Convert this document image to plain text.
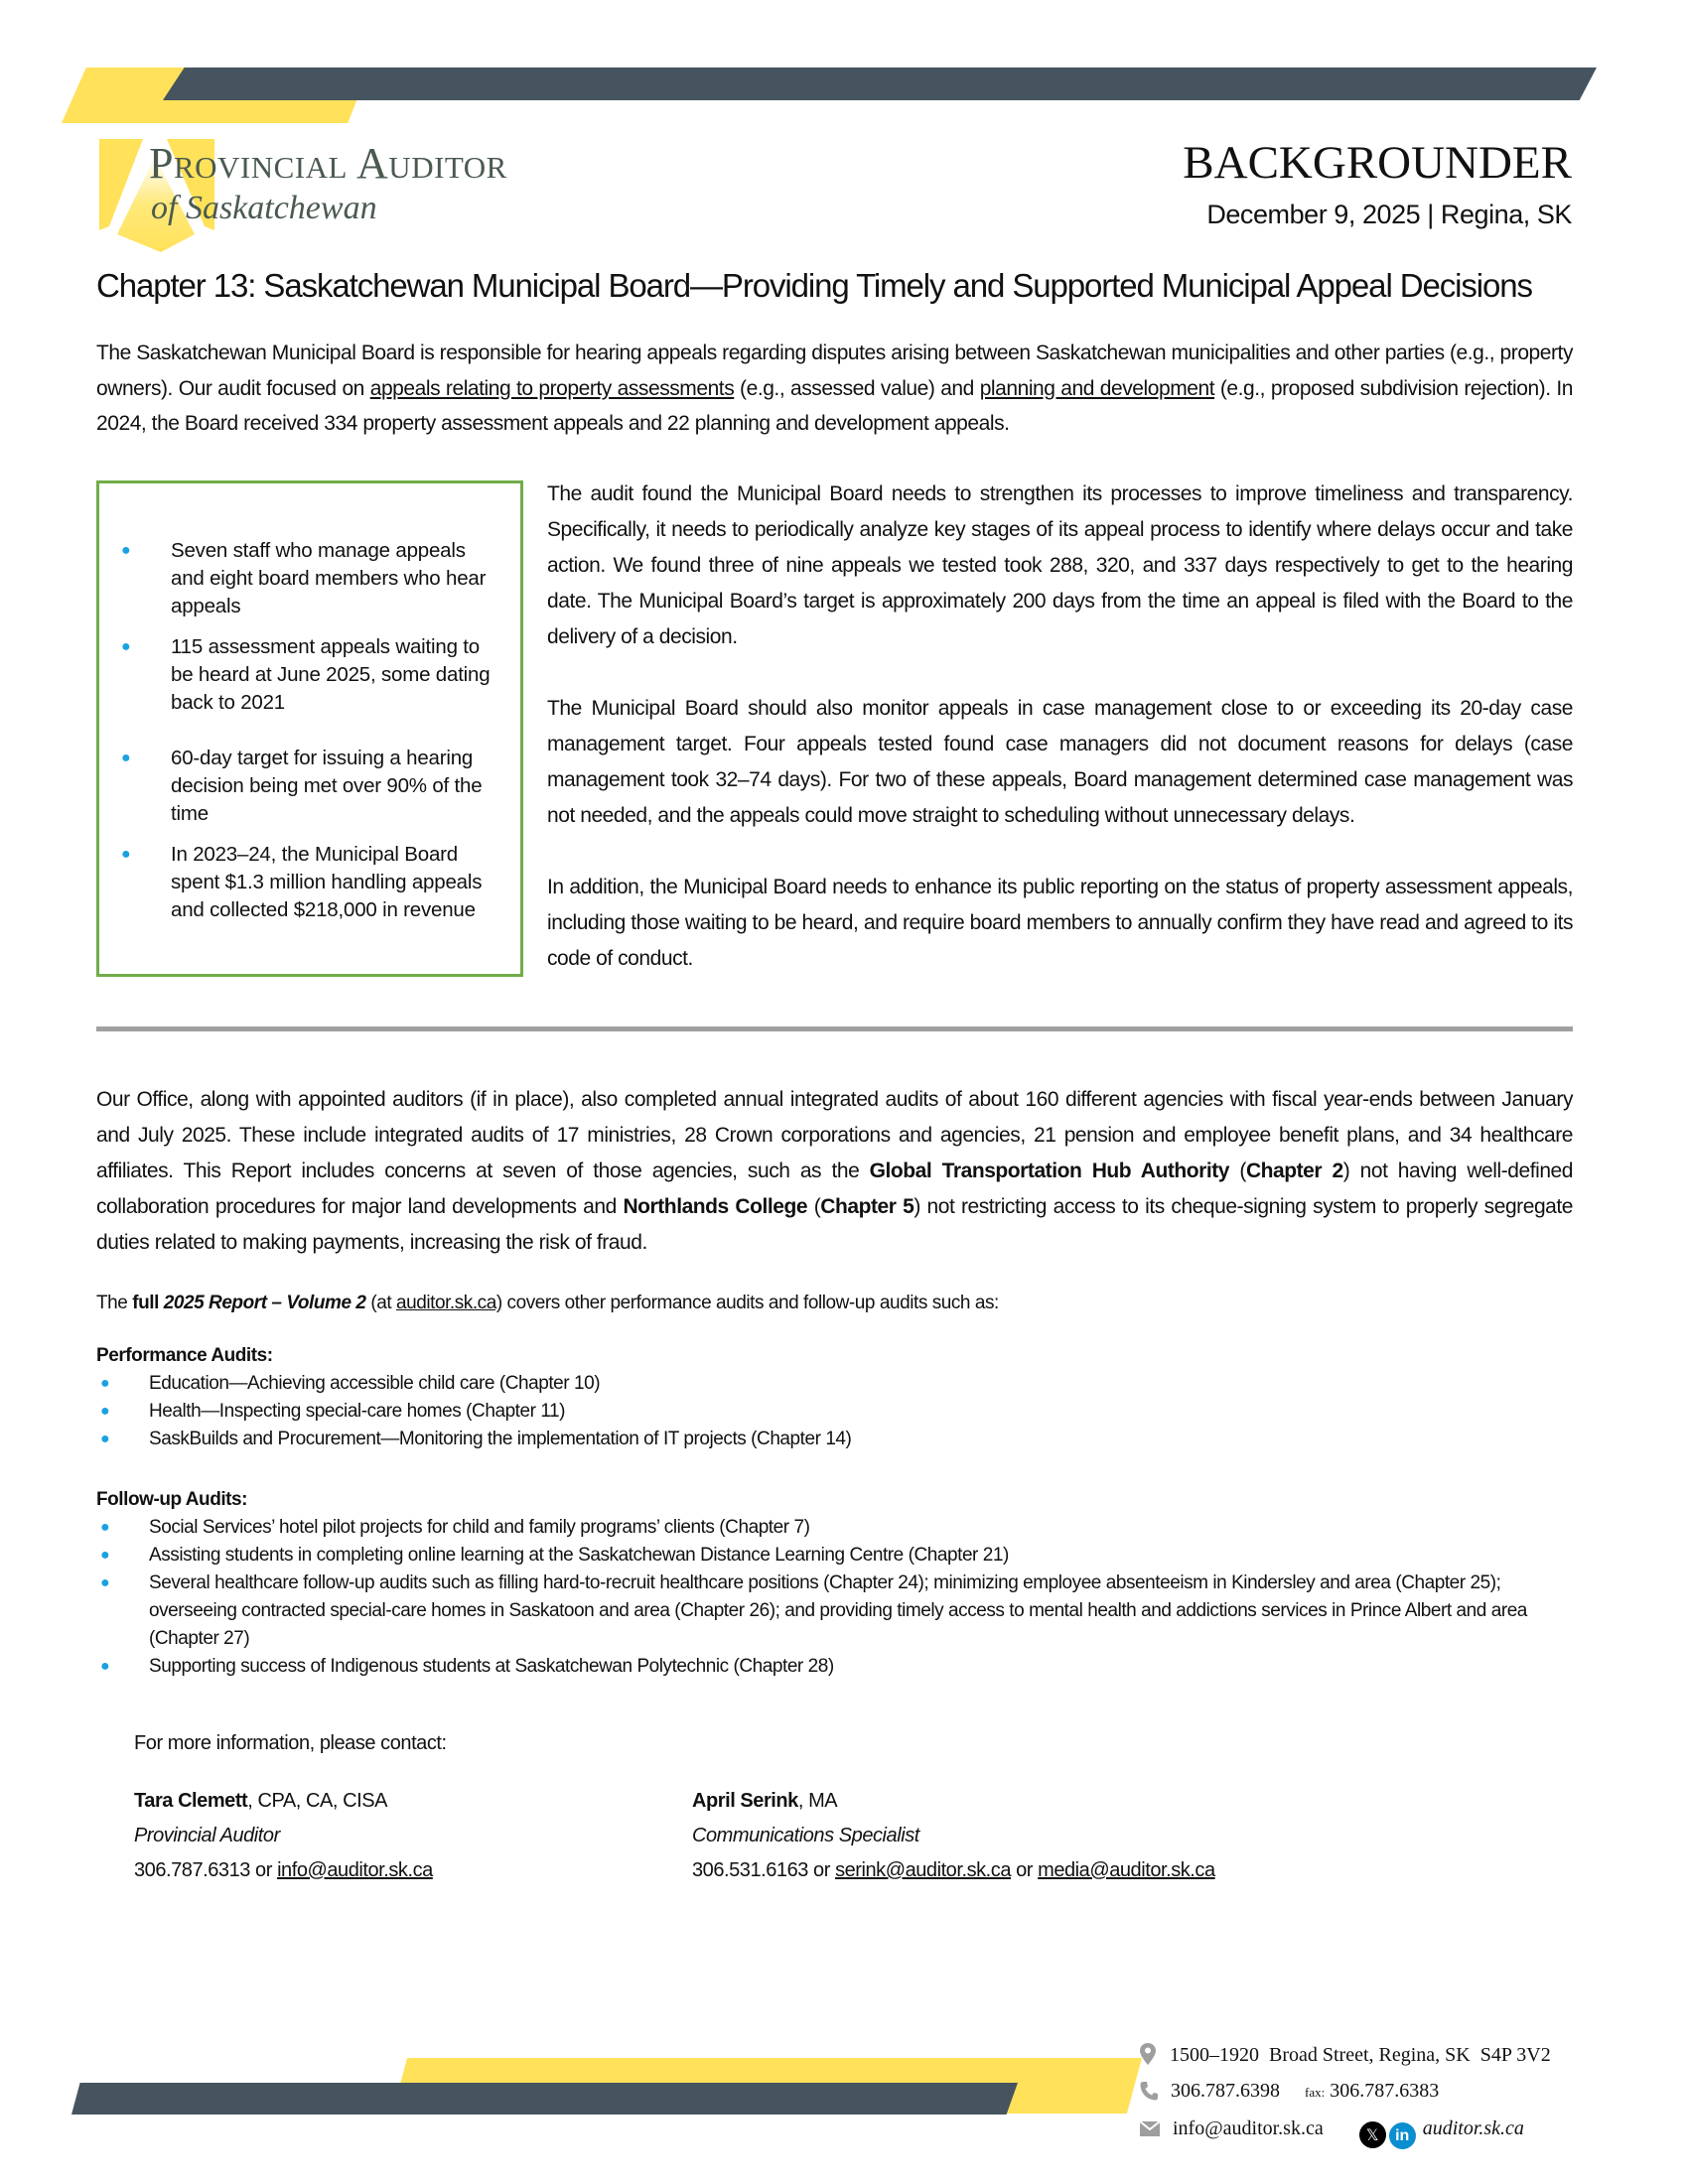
Provincial Auditor
of Saskatchewan
BACKGROUNDER
December 9, 2025 | Regina, SK
Chapter 13: Saskatchewan Municipal Board—Providing Timely and Supported Municipal Appeal Decisions

The Saskatchewan Municipal Board is responsible for hearing appeals regarding disputes arising between Saskatchewan municipalities and other parties (e.g., property owners). Our audit focused on appeals relating to property assessments (e.g., assessed value) and planning and development (e.g., proposed subdivision rejection). In 2024, the Board received 334 property assessment appeals and 22 planning and development appeals.

● Seven staff who manage appeals and eight board members who hear appeals
● 115 assessment appeals waiting to be heard at June 2025, some dating back to 2021
● 60-day target for issuing a hearing decision being met over 90% of the time
● In 2023–24, the Municipal Board spent $1.3 million handling appeals and collected $218,000 in revenue

The audit found the Municipal Board needs to strengthen its processes to improve timeliness and transparency. Specifically, it needs to periodically analyze key stages of its appeal process to identify where delays occur and take action. We found three of nine appeals we tested took 288, 320, and 337 days respectively to get to the hearing date. The Municipal Board’s target is approximately 200 days from the time an appeal is filed with the Board to the delivery of a decision.

The Municipal Board should also monitor appeals in case management close to or exceeding its 20-day case management target. Four appeals tested found case managers did not document reasons for delays (case management took 32–74 days). For two of these appeals, Board management determined case management was not needed, and the appeals could move straight to scheduling without unnecessary delays.

In addition, the Municipal Board needs to enhance its public reporting on the status of property assessment appeals, including those waiting to be heard, and require board members to annually confirm they have read and agreed to its code of conduct.

Our Office, along with appointed auditors (if in place), also completed annual integrated audits of about 160 different agencies with fiscal year-ends between January and July 2025. These include integrated audits of 17 ministries, 28 Crown corporations and agencies, 21 pension and employee benefit plans, and 34 healthcare affiliates. This Report includes concerns at seven of those agencies, such as the Global Transportation Hub Authority (Chapter 2) not having well-defined collaboration procedures for major land developments and Northlands College (Chapter 5) not restricting access to its cheque-signing system to properly segregate duties related to making payments, increasing the risk of fraud.

The full 2025 Report – Volume 2 (at auditor.sk.ca) covers other performance audits and follow-up audits such as:

Performance Audits:
● Education—Achieving accessible child care (Chapter 10)
● Health—Inspecting special-care homes (Chapter 11)
● SaskBuilds and Procurement—Monitoring the implementation of IT projects (Chapter 14)
Follow-up Audits:
● Social Services’ hotel pilot projects for child and family programs’ clients (Chapter 7)
● Assisting students in completing online learning at the Saskatchewan Distance Learning Centre (Chapter 21)
● Several healthcare follow-up audits such as filling hard-to-recruit healthcare positions (Chapter 24); minimizing employee absenteeism in Kindersley and area (Chapter 25); overseeing contracted special-care homes in Saskatoon and area (Chapter 26); and providing timely access to mental health and addictions services in Prince Albert and area (Chapter 27)
● Supporting success of Indigenous students at Saskatchewan Polytechnic (Chapter 28)
For more information, please contact:
Tara Clemett, CPA, CA, CISA
Provincial Auditor
306.787.6313 or info@auditor.sk.ca
April Serink, MA
Communications Specialist
306.531.6163 or serink@auditor.sk.ca or media@auditor.sk.ca
1500–1920  Broad Street, Regina, SK S4P 3V2
306.787.6398 fax: 306.787.6383
info@auditor.sk.ca	𝕏 in auditor.sk.ca
